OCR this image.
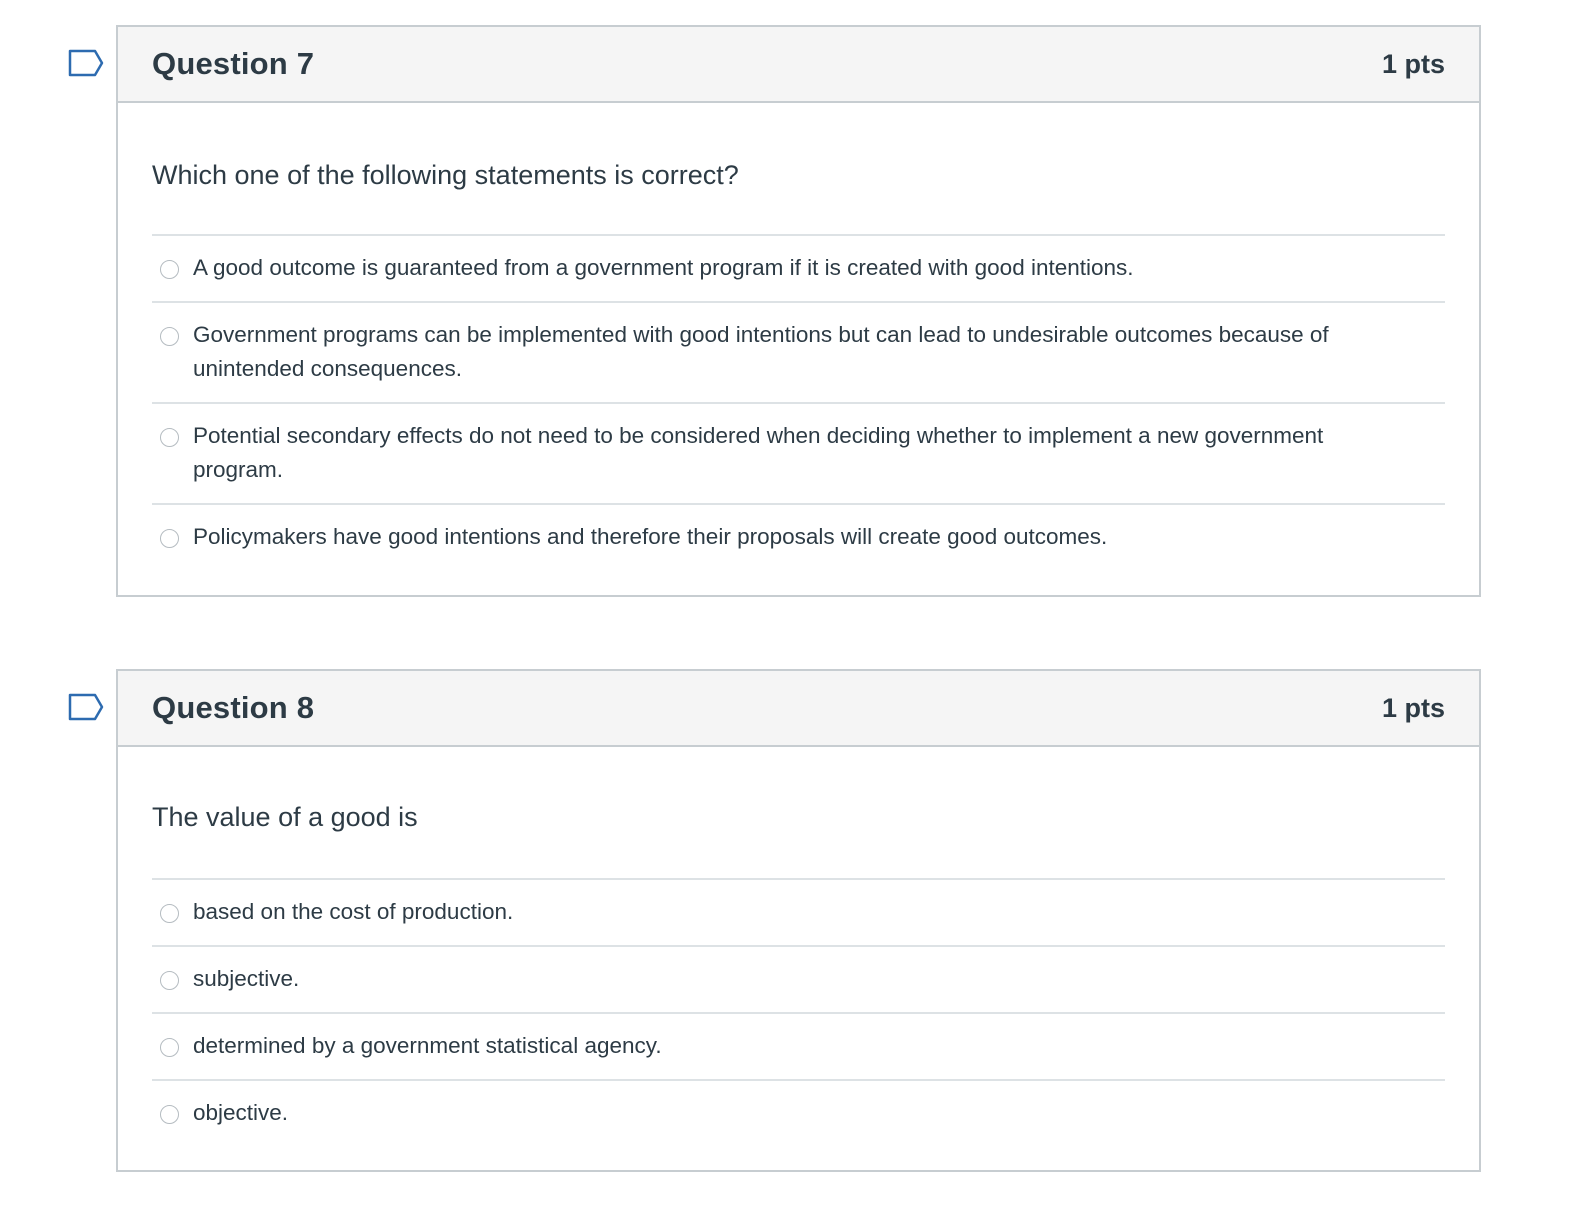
Question 7	1 pts
Which one of the following statements is correct?
A good outcome is guaranteed from a government program if it is created with good intentions.
Government programs can be implemented with good intentions but can lead to undesirable outcomes because of unintended consequences.
Potential secondary effects do not need to be considered when deciding whether to implement a new government program.
Policymakers have good intentions and therefore their proposals will create good outcomes.
Question 8	1 pts
The value of a good is
based on the cost of production.
subjective.
determined by a government statistical agency.
objective.
